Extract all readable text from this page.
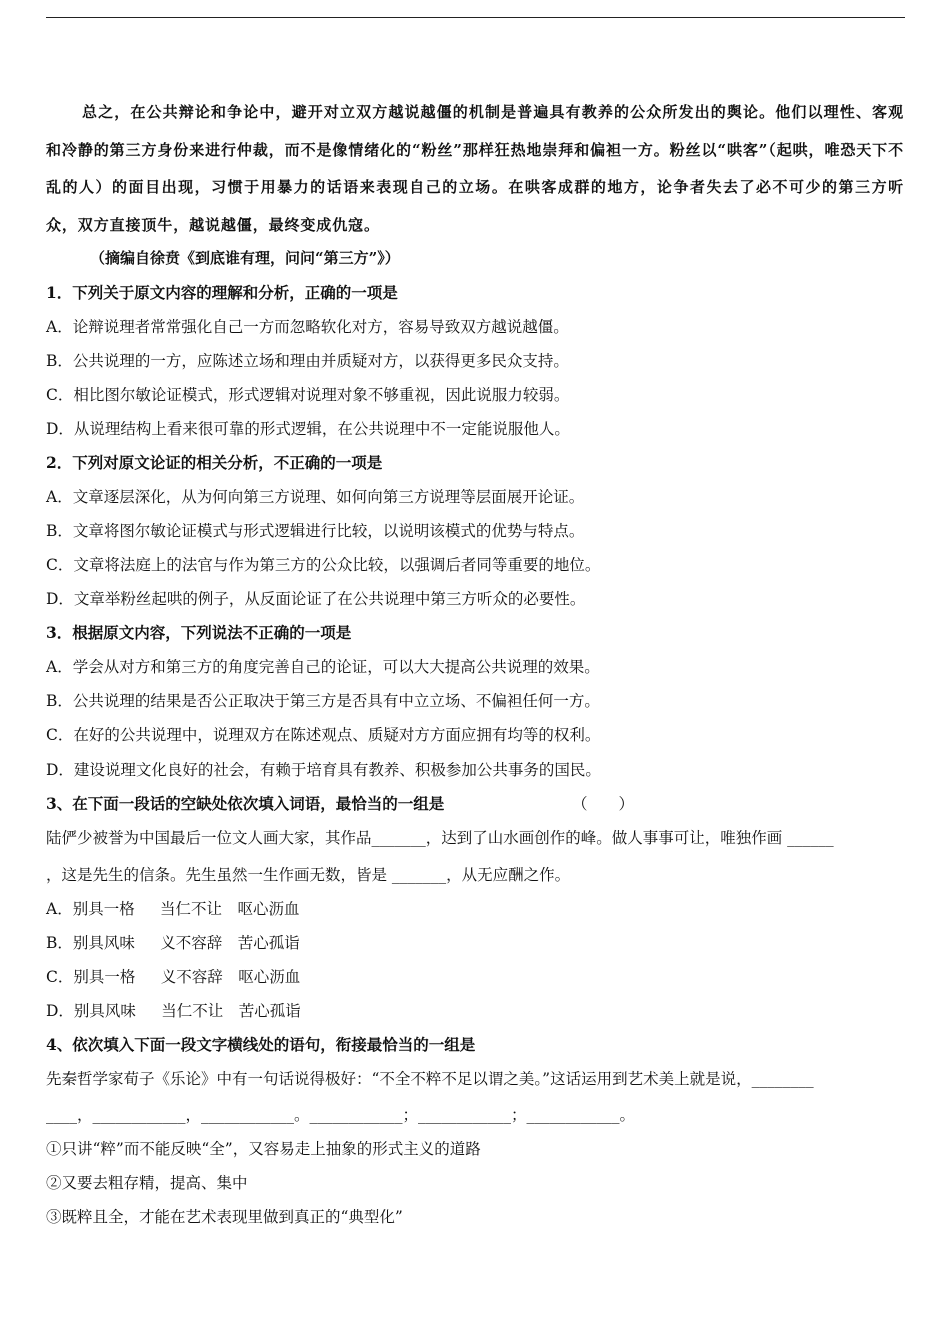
总之，在公共辩论和争论中，避开对立双方越说越僵的机制是普遍具有教养的公众所发出的舆论。他们以理性、客观和冷静的第三方身份来进行仲裁，而不是像情绪化的“粉丝”那样狂热地崇拜和偏袒一方。粉丝以“哄客”（起哄，唯恐天下不乱的人）的面目出现，习惯于用暴力的话语来表现自己的立场。在哄客成群的地方，论争者失去了必不可少的第三方听众，双方直接顶牛，越说越僵，最终变成仇寇。
（摘编自徐贲《到底谁有理，问问“第三方”》）
1．下列关于原文内容的理解和分析，正确的一项是
A．论辩说理者常常强化自己一方而忽略软化对方，容易导致双方越说越僵。
B．公共说理的一方，应陈述立场和理由并质疑对方，以获得更多民众支持。
C．相比图尔敏论证模式，形式逻辑对说理对象不够重视，因此说服力较弱。
D．从说理结构上看来很可靠的形式逻辑，在公共说理中不一定能说服他人。
2．下列对原文论证的相关分析，不正确的一项是
A．文章逐层深化，从为何向第三方说理、如何向第三方说理等层面展开论证。
B．文章将图尔敏论证模式与形式逻辑进行比较，以说明该模式的优势与特点。
C．文章将法庭上的法官与作为第三方的公众比较，以强调后者同等重要的地位。
D．文章举粉丝起哄的例子，从反面论证了在公共说理中第三方听众的必要性。
3．根据原文内容，下列说法不正确的一项是
A．学会从对方和第三方的角度完善自己的论证，可以大大提高公共说理的效果。
B．公共说理的结果是否公正取决于第三方是否具有中立立场、不偏袒任何一方。
C．在好的公共说理中，说理双方在陈述观点、质疑对方方面应拥有均等的权利。
D．建设说理文化良好的社会，有赖于培育具有教养、积极参加公共事务的国民。
3、在下面一段话的空缺处依次填入词语，最恰当的一组是	（　　）
陆俨少被誉为中国最后一位文人画大家，其作品_______，达到了山水画创作的峰。做人事事可让，唯独作画 ______
，这是先生的信条。先生虽然一生作画无数，皆是 _______，从无应酬之作。
A．别具一格　  当仁不让　呕心沥血
B．别具风味　  义不容辞　苦心孤诣
C．别具一格　  义不容辞　呕心沥血
D．别具风味　  当仁不让　苦心孤诣
4、依次填入下面一段文字横线处的语句，衔接最恰当的一组是
先秦哲学家荀子《乐论》中有一句话说得极好：“不全不粹不足以谓之美。”这话运用到艺术美上就是说，________
____，____________，____________。____________；____________；____________。
①只讲“粹”而不能反映“全”，又容易走上抽象的形式主义的道路
②又要去粗存精，提高、集中
③既粹且全，才能在艺术表现里做到真正的“典型化”
